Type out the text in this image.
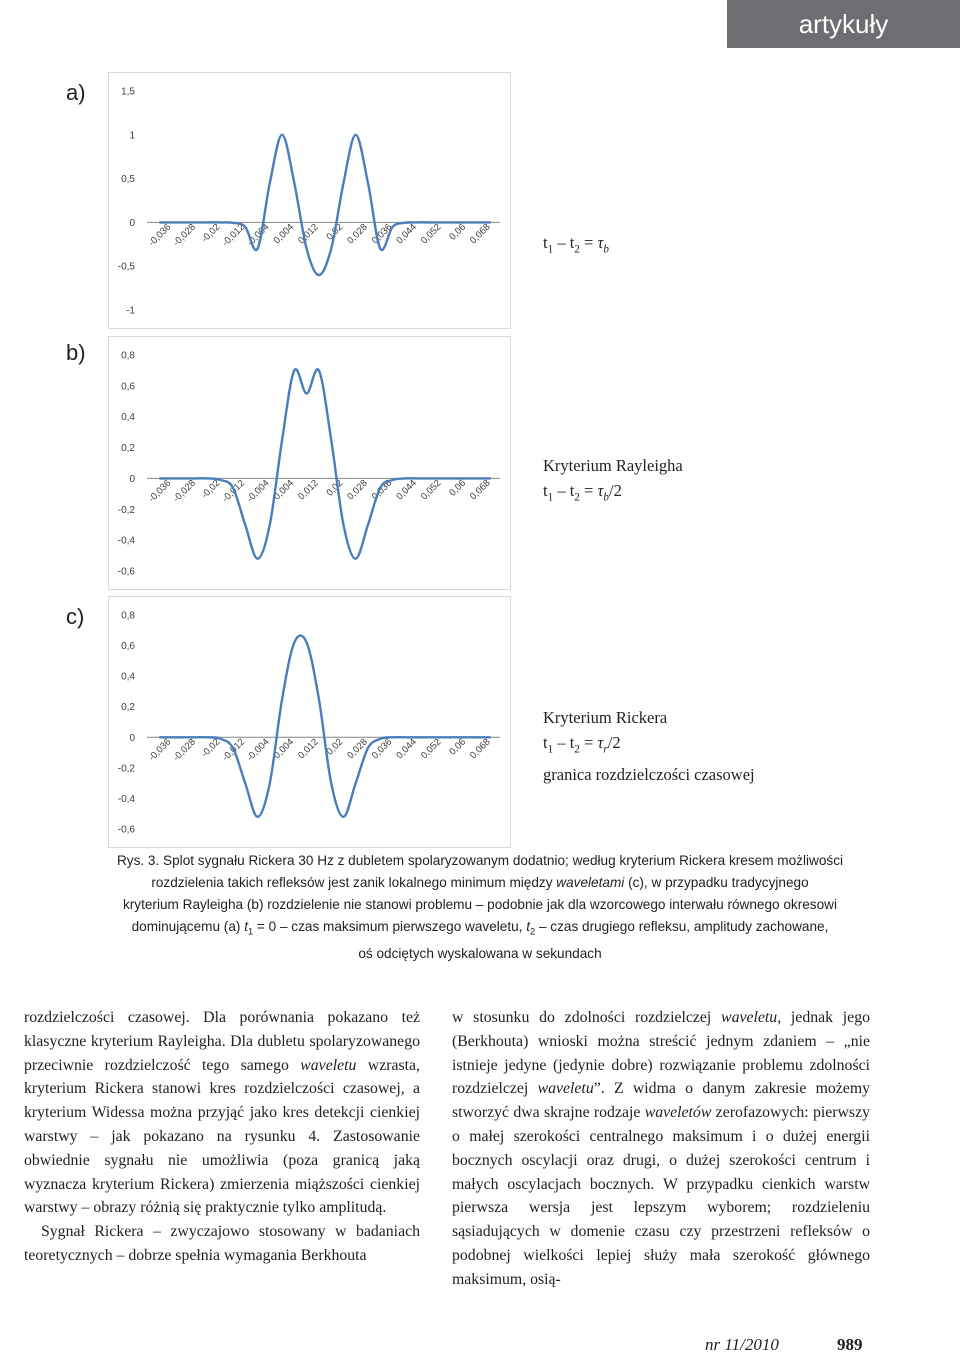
artykuły
a)	1,5
1
0,5
0
-0,5
-1
-0,036
-0,028 -0,02
-0,012
-0,004 0,004 0,012 0,02 0,028 0,036 0,044 0,052 0,06 0,068	$t_1 - t_2 = \tau_b$
b)	0,8
0,6
0,4
0,2
0
-0,2
-0,4
-0,6
-0,036
-0,028 -0,02
-0,012
-0,004 0,004 0,012 0,02 0,028 0,036 0,044 0,052 0,06 0,068
Kryterium Rayleigha
$t_1 - t_2 = \tau_b/2$
c)	0,8
0,6
0,4
0,2
0
-0,2
-0,4
-0,6
-0,036
-0,028 -0,02
-0,012
-0,004 0,004 0,012 0,02 0,028 0,036 0,044 0,052 0,06 0,068
Kryterium Rickera
$t_1 - t_2 = \tau_r/2$
granica rozdzielczości czasowej
Rys. 3. Splot sygnału Rickera 30 Hz z dubletem spolaryzowanym dodatnio; według kryterium Rickera kresem możliwości
rozdzielenia takich refleksów jest zanik lokalnego minimum między waveletami (c), w przypadku tradycyjnego
kryterium Rayleigha (b) rozdzielenie nie stanowi problemu – podobnie jak dla wzorcowego interwału równego okresowi
dominującemu (a) $t_1 = 0$ – czas maksimum pierwszego waveletu, $t_2$ – czas drugiego refleksu, amplitudy zachowane,
oś odciętych wyskalowana w sekundach

rozdzielczości czasowej. Dla porównania pokazano też klasyczne kryterium Rayleigha. Dla dubletu spolaryzowanego przeciwnie rozdzielczość tego samego waveletu wzrasta, kryterium Rickera stanowi kres rozdzielczości czasowej, a kryterium Widessa można przyjąć jako kres detekcji cienkiej warstwy – jak pokazano na rysunku 4. Zastosowanie obwiednie sygnału nie umożliwia (poza granicą jaką wyznacza kryterium Rickera) zmierzenia miąższości cienkiej warstwy – obrazy różnią się praktycznie tylko amplitudą.

Sygnał Rickera – zwyczajowo stosowany w badaniach teoretycznych – dobrze spełnia wymagania Berkhouta

w stosunku do zdolności rozdzielczej waveletu, jednak jego (Berkhouta) wnioski można streścić jednym zdaniem – „nie istnieje jedyne (jedynie dobre) rozwiązanie problemu zdolności rozdzielczej waveletu”. Z widma o danym zakresie możemy stworzyć dwa skrajne rodzaje waveletów zerofazowych: pierwszy o małej szerokości centralnego maksimum i o dużej energii bocznych oscylacji oraz drugi, o dużej szerokości centrum i małych oscylacjach bocznych. W przypadku cienkich warstw pierwsza wersja jest lepszym wyborem; rozdzieleniu sąsiadujących w domenie czasu czy przestrzeni refleksów o podobnej wielkości lepiej służy mała szerokość głównego maksimum, osią-

nr 11/2010	989
